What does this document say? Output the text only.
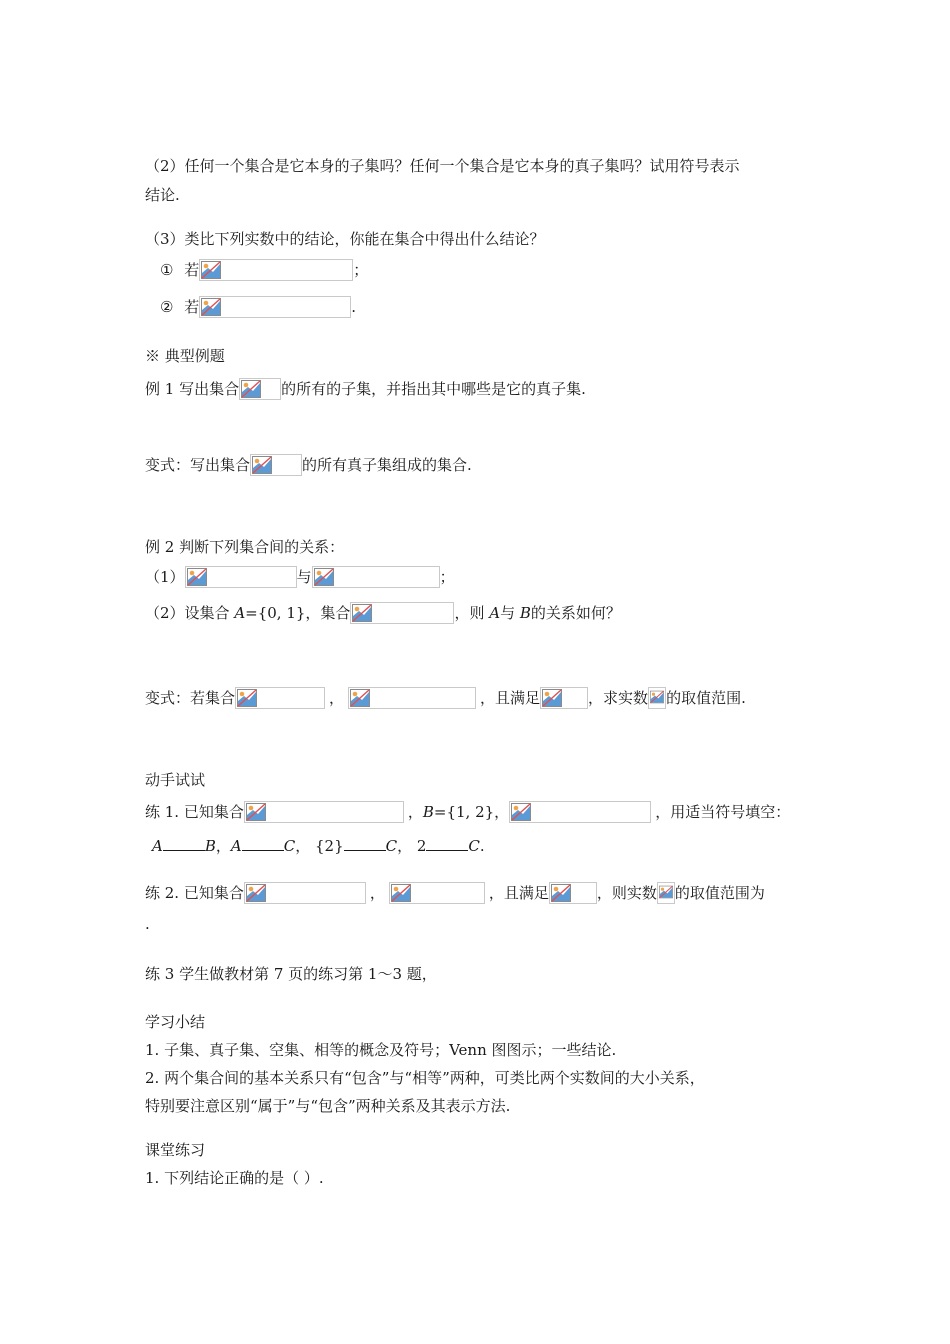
（2）任何一个集合是它本身的子集吗？任何一个集合是它本身的真子集吗？试用符号表示
结论.
（3）类比下列实数中的结论，你能在集合中得出什么结论？
① 若	；
② 若	.
※ 典型例题
例 1 写出集合	的所有的子集，并指出其中哪些是它的真子集.
变式：写出集合	的所有真子集组成的集合.
例 2 判断下列集合间的关系：
（1）	与	；
（2）设集合 A={0, 1}，集合	，则 A与 B的关系如何？
变式：若集合	，	，且满足	，求实数 的取值范围.
动手试试
练 1. 已知集合	，B={1, 2}，	，用适当符号填空：
A	B，A	C， {2}	C， 2	C.
练 2. 已知集合	，	，且满足	，则实数 的取值范围为
.
练 3 学生做教材第 7 页的练习第 1～3 题，
学习小结
1. 子集、真子集、空集、相等的概念及符号；Venn 图图示；一些结论.
2. 两个集合间的基本关系只有“包含”与“相等”两种，可类比两个实数间的大小关系，
特别要注意区别“属于”与“包含”两种关系及其表示方法.
课堂练习
1. 下列结论正确的是（ ）.
